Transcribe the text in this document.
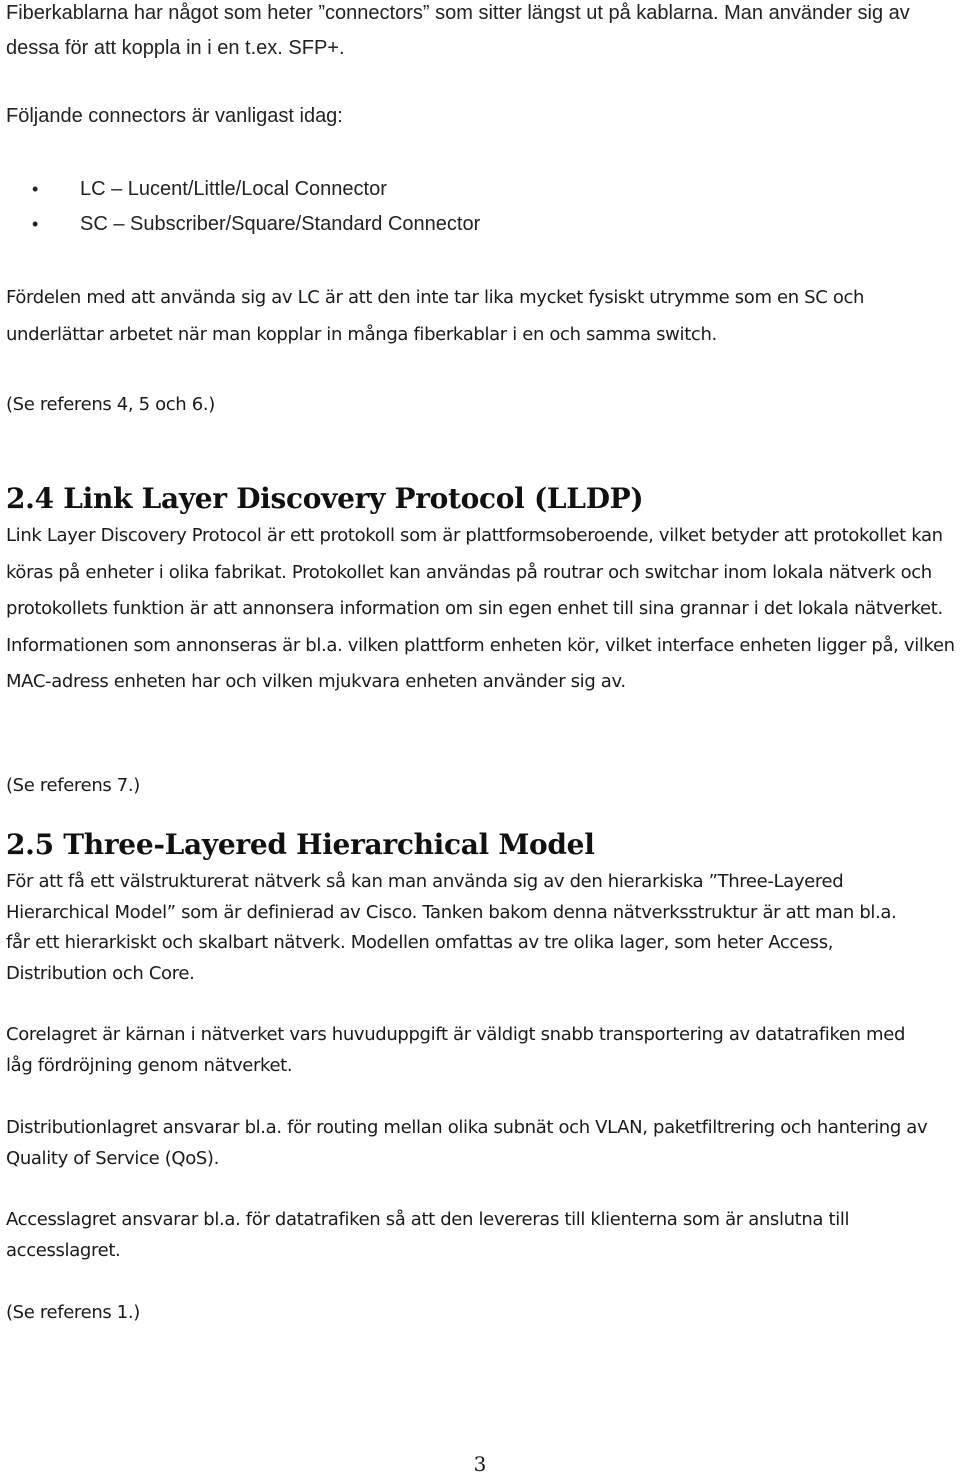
Fiberkablarna har något som heter ”connectors” som sitter längst ut på kablarna. Man använder sig av dessa för att koppla in i en t.ex. SFP+.

Följande connectors är vanligast idag:

• LC – Lucent/Little/Local Connector
• SC – Subscriber/Square/Standard Connector

Fördelen med att använda sig av LC är att den inte tar lika mycket fysiskt utrymme som en SC och underlättar arbetet när man kopplar in många fiberkablar i en och samma switch.

(Se referens 4, 5 och 6.)

2.4 Link Layer Discovery Protocol (LLDP)

Link Layer Discovery Protocol är ett protokoll som är plattformsoberoende, vilket betyder att protokollet kan köras på enheter i olika fabrikat. Protokollet kan användas på routrar och switchar inom lokala nätverk och protokollets funktion är att annonsera information om sin egen enhet till sina grannar i det lokala nätverket. Informationen som annonseras är bl.a. vilken plattform enheten kör, vilket interface enheten ligger på, vilken MAC-adress enheten har och vilken mjukvara enheten använder sig av.

(Se referens 7.)

2.5 Three-Layered Hierarchical Model

För att få ett välstrukturerat nätverk så kan man använda sig av den hierarkiska ”Three-Layered Hierarchical Model” som är definierad av Cisco. Tanken bakom denna nätverksstruktur är att man bl.a. får ett hierarkiskt och skalbart nätverk. Modellen omfattas av tre olika lager, som heter Access, Distribution och Core.

Corelagret är kärnan i nätverket vars huvuduppgift är väldigt snabb transportering av datatrafiken med låg fördröjning genom nätverket.

Distributionlagret ansvarar bl.a. för routing mellan olika subnät och VLAN, paketfiltrering och hantering av Quality of Service (QoS).

Accesslagret ansvarar bl.a. för datatrafiken så att den levereras till klienterna som är anslutna till accesslagret.

(Se referens 1.)

3
